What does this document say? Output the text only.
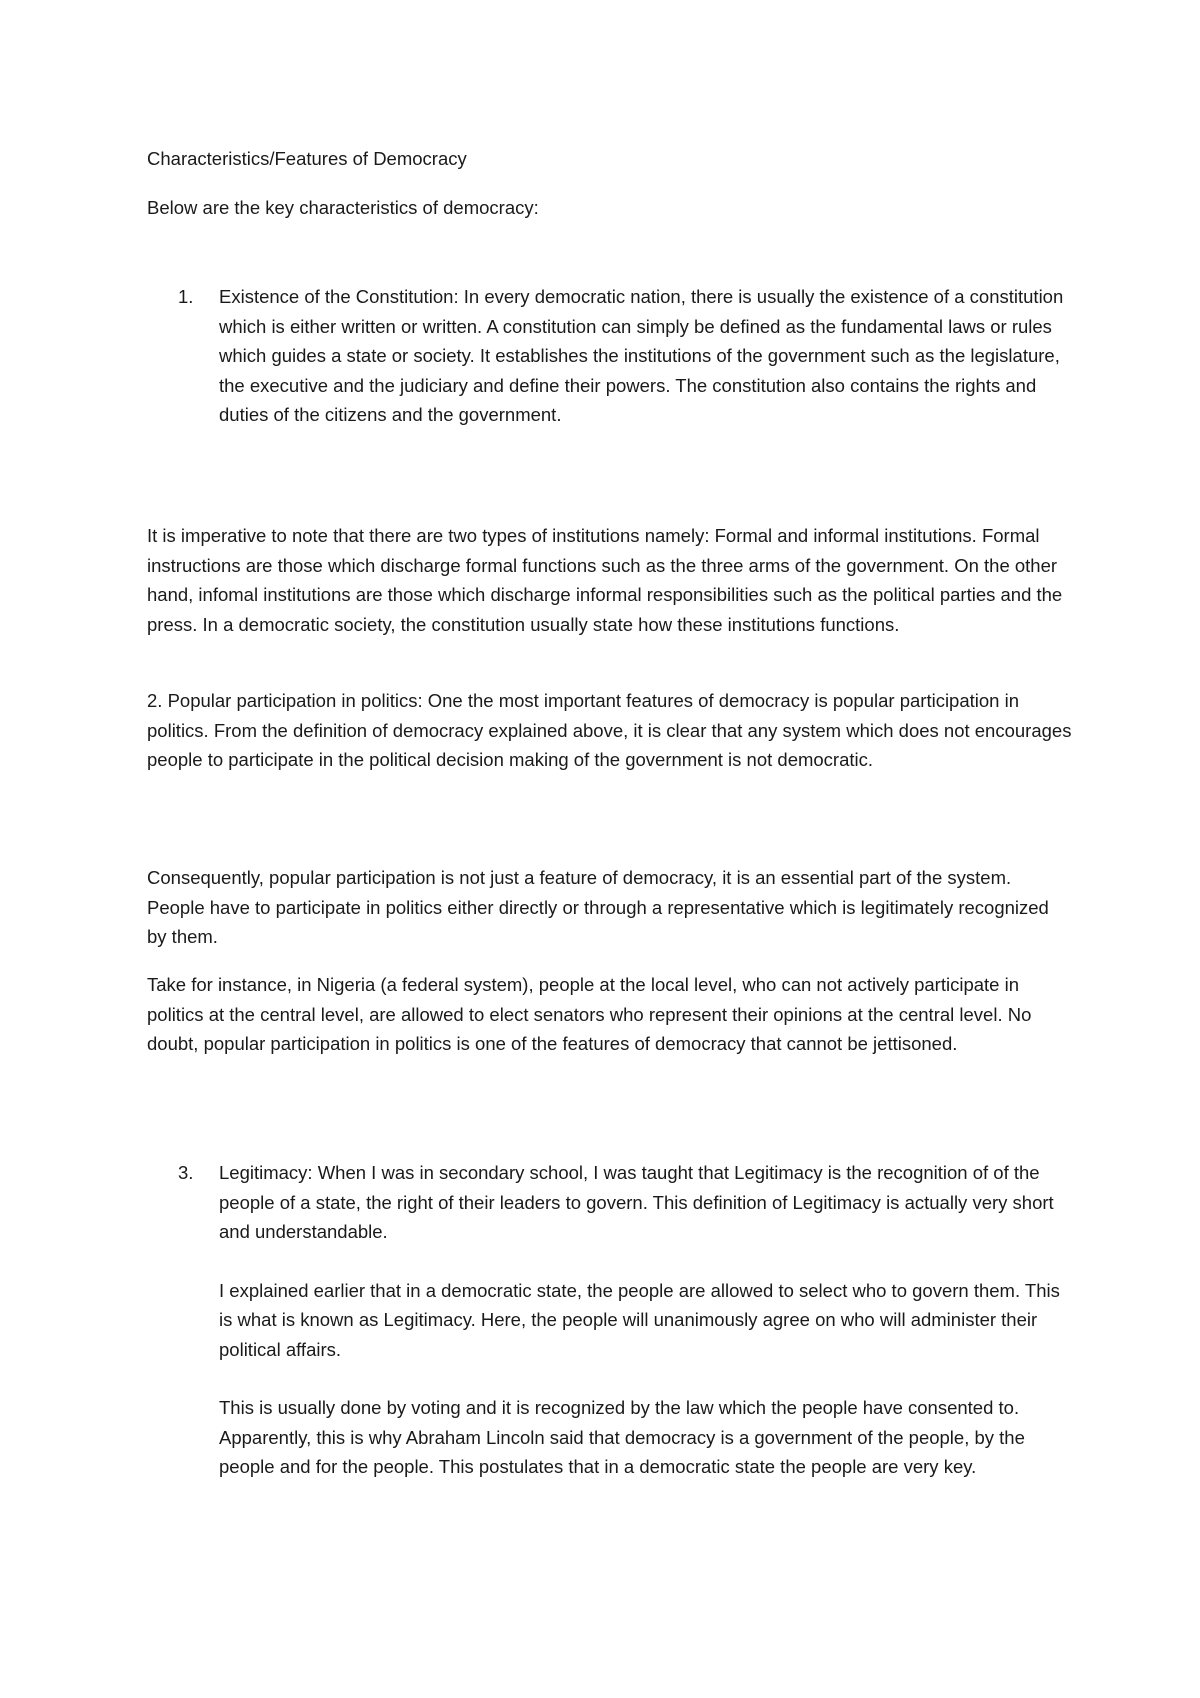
Characteristics/Features of Democracy

Below are the key characteristics of democracy:

1.	Existence of the Constitution: In every democratic nation, there is usually the existence of a constitution which is either written or written. A constitution can simply be defined as the fundamental laws or rules which guides a state or society. It establishes the institutions of the government such as the legislature, the executive and the judiciary and define their powers. The constitution also contains the rights and duties of the citizens and the government.

It is imperative to note that there are two types of institutions namely: Formal and informal institutions. Formal instructions are those which discharge formal functions such as the three arms of the government. On the other hand, infomal institutions are those which discharge informal responsibilities such as the political parties and the press. In a democratic society, the constitution usually state how these institutions functions.

2. Popular participation in politics: One the most important features of democracy is popular participation in politics. From the definition of democracy explained above, it is clear that any system which does not encourages people to participate in the political decision making of the government is not democratic.

Consequently, popular participation is not just a feature of democracy, it is an essential part of the system. People have to participate in politics either directly or through a representative which is legitimately recognized by them.

Take for instance, in Nigeria (a federal system), people at the local level, who can not actively participate in politics at the central level, are allowed to elect senators who represent their opinions at the central level. No doubt, popular participation in politics is one of the features of democracy that cannot be jettisoned.

3.	Legitimacy: When I was in secondary school, I was taught that Legitimacy is the recognition of of the people of a state, the right of their leaders to govern. This definition of Legitimacy is actually very short and understandable.

I explained earlier that in a democratic state, the people are allowed to select who to govern them. This is what is known as Legitimacy. Here, the people will unanimously agree on who will administer their political affairs.

This is usually done by voting and it is recognized by the law which the people have consented to. Apparently, this is why Abraham Lincoln said that democracy is a government of the people, by the people and for the people. This postulates that in a democratic state the people are very key.
